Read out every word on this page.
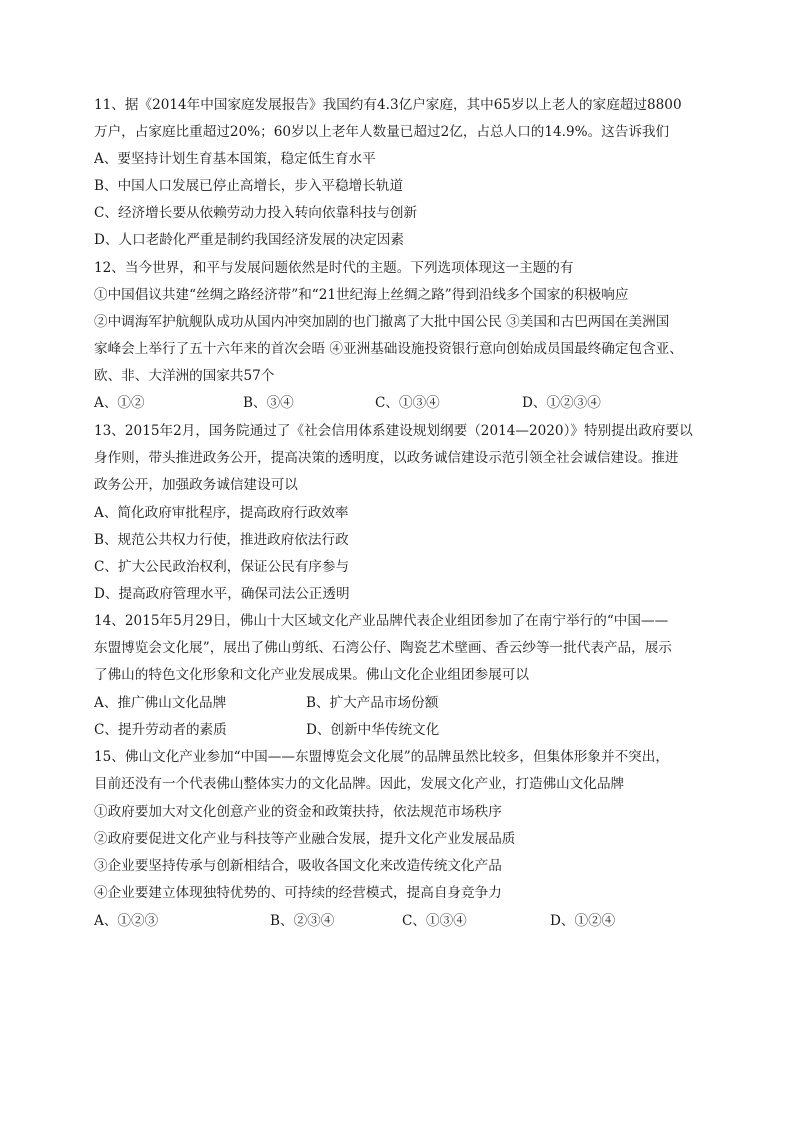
11、据《2014年中国家庭发展报告》我国约有4.3亿户家庭，其中65岁以上老人的家庭超过8800
万户，占家庭比重超过20%；60岁以上老年人数量已超过2亿，占总人口的14.9%。这告诉我们
A、要坚持计划生育基本国策，稳定低生育水平
B、中国人口发展已停止高增长，步入平稳增长轨道
C、经济增长要从依赖劳动力投入转向依靠科技与创新
D、人口老龄化严重是制约我国经济发展的决定因素
12、当今世界，和平与发展问题依然是时代的主题。下列选项体现这一主题的有
①中国倡议共建“丝绸之路经济带”和“21世纪海上丝绸之路”得到沿线多个国家的积极响应
②中调海军护航舰队成功从国内冲突加剧的也门撤离了大批中国公民 ③美国和古巴两国在美洲国
家峰会上举行了五十六年来的首次会晤 ④亚洲基础设施投资银行意向创始成员国最终确定包含亚、
欧、非、大洋洲的国家共57个
A、①②	B、③④	C、①③④	D、①②③④
13、2015年2月，国务院通过了《社会信用体系建设规划纲要（2014—2020）》特别提出政府要以
身作则，带头推进政务公开，提高决策的透明度，以政务诚信建设示范引领全社会诚信建设。推进
政务公开，加强政务诚信建设可以
A、简化政府审批程序，提高政府行政效率
B、规范公共权力行使，推进政府依法行政
C、扩大公民政治权利，保证公民有序参与
D、提高政府管理水平，确保司法公正透明
14、2015年5月29日，佛山十大区域文化产业品牌代表企业组团参加了在南宁举行的“中国——
东盟博览会文化展”，展出了佛山剪纸、石湾公仔、陶瓷艺术壁画、香云纱等一批代表产品，展示
了佛山的特色文化形象和文化产业发展成果。佛山文化企业组团参展可以
A、推广佛山文化品牌	B、扩大产品市场份额
C、提升劳动者的素质	D、创新中华传统文化
15、佛山文化产业参加“中国——东盟博览会文化展”的品牌虽然比较多，但集体形象并不突出，
目前还没有一个代表佛山整体实力的文化品牌。因此，发展文化产业，打造佛山文化品牌
①政府要加大对文化创意产业的资金和政策扶持，依法规范市场秩序
②政府要促进文化产业与科技等产业融合发展，提升文化产业发展品质
③企业要坚持传承与创新相结合，吸收各国文化来改造传统文化产品
④企业要建立体现独特优势的、可持续的经营模式，提高自身竞争力
A、①②③	B、②③④	C、①③④	D、①②④
